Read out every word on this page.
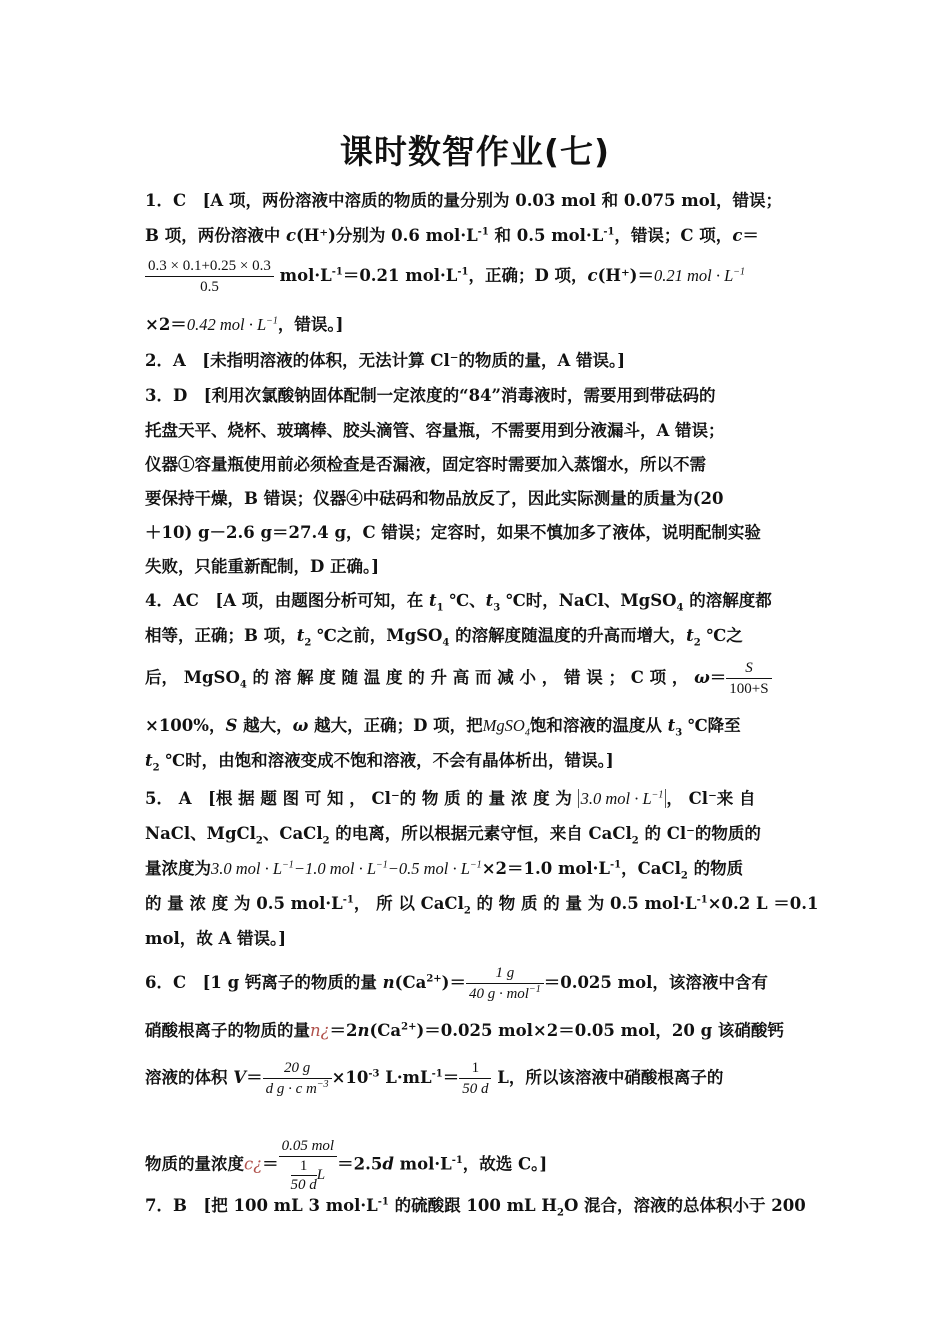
课时数智作业(七)
1．C　[A 项，两份溶液中溶质的物质的量分别为 0.03 mol 和 0.075 mol，错误；
B 项，两份溶液中 c(H⁺)分别为 0.6 $mol\cdot L^{-1}$ 和 0.5 $mol\cdot L^{-1}$，错误；C 项，c＝
$\frac{0.3 \times 0.1+0.25 \times 0.3}{0.5} mol\cdot L^{-1}=0.21$ $mol\cdot L^{-1}$，正确；D 项，c(H⁺)＝0.21 mol · $L^{-1}$
×2＝0.42 mol · $L^{-1}$，错误。]
2．A　[未指明溶液的体积，无法计算 Cl⁻的物质的量，A 错误。]
3．D　[利用次氯酸钠固体配制一定浓度的“84”消毒液时，需要用到带砝码的
托盘天平、烧杯、玻璃棒、胶头滴管、容量瓶，不需要用到分液漏斗，A 错误；
仪器①容量瓶使用前必须检查是否漏液，固定容时需要加入蒸馏水，所以不需
要保持干燥，B 错误；仪器④中砝码和物品放反了，因此实际测量的质量为(20
＋10) g－2.6 g＝27.4 g，C 错误；定容时，如果不慎加多了液体，说明配制实验
失败，只能重新配制，D 正确。]
4．AC　[A 项，由题图分析可知，在 $t_1$ ℃、$t_3$ ℃时，NaCl、MgSO$_4$ 的溶解度都
相等，正确；B 项，$t_2$ ℃之前，MgSO$_4$ 的溶解度随温度的升高而增大，$t_2$ ℃之
后， MgSO$_4$ 的 溶 解 度 随 温 度 的 升 高 而 减 小 ， 错 误 ； C 项 ， $\omega= \frac{S}{100+S}$
×100%，S 越大，ω 越大，正确；D 项，把MgSO$_4$饱和溶液的温度从 $t_3$ ℃降至
$t_2$ ℃时，由饱和溶液变成不饱和溶液，不会有晶体析出，错误。]
5． A　[根 据 题 图 可 知 ， Cl⁻的 物 质 的 量 浓 度 为 3.0 mol · $L^{-1}$ ， Cl⁻来 自
NaCl、MgCl$_2$、CaCl$_2$ 的电离，所以根据元素守恒，来自 CaCl$_2$ 的 Cl⁻的物质的
量浓度为3.0 mol · $L^{-1}-1.0$ mol · $L^{-1}-0.5$ mol · $L^{-1}\times 2=1.0$ $mol\cdot L^{-1}$，CaCl$_2$ 的物质
的 量 浓 度 为 0.5 $mol\cdot L^{-1}$， 所 以 CaCl$_2$ 的 物 质 的 量 为 0.5 $mol\cdot L^{-1}\times 0.2$ L ＝0.1
mol，故 A 错误。]
6．C　[1 g 钙离子的物质的量 $n(Ca^{2+})= \frac{1 g}{40 g \cdot mol^{-1}} =0.025$ mol，该溶液中含有
硝酸根离子的物质的量$n¿=2n(Ca^{2+})=0.025$ mol×2＝0.05 mol，20 g 该硝酸钙
溶液的体积 $V= \frac{20 g}{d g \cdot c m^{-3}} \times 10^{-3}$ $L\cdot mL^{-1}= \frac{1}{50 d}$ L，所以该溶液中硝酸根离子的
物质的量浓度c¿＝ $\frac{\text{0.05 mol}}{\frac{1}{50 d} L} =2.5d$ $mol\cdot L^{-1}$，故选 C。]
7．B　[把 100 mL 3 $mol\cdot L^{-1}$ 的硫酸跟 100 mL $H_2O$ 混合，溶液的总体积小于 200
